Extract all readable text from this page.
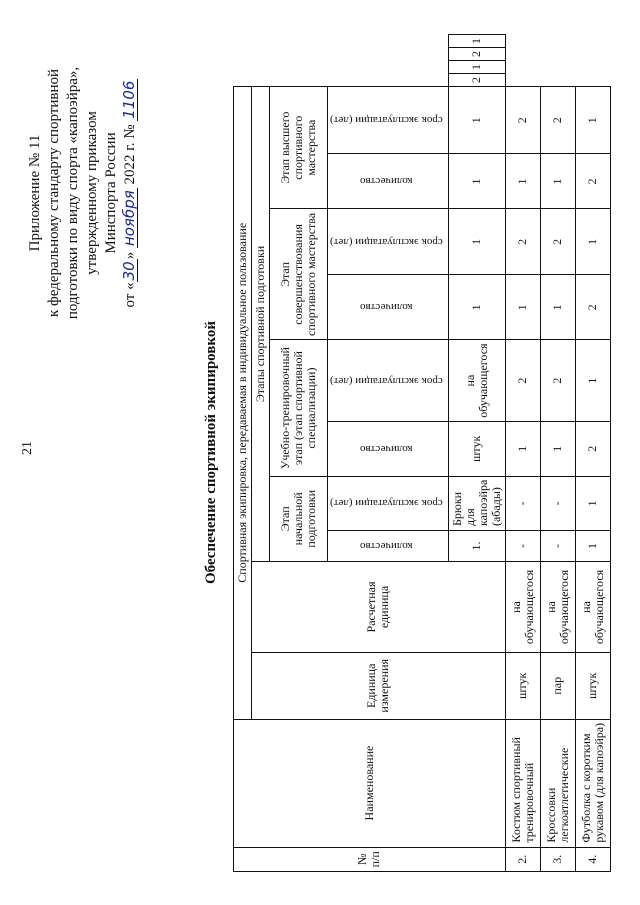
21
Приложение № 11 к федеральному стандарту спортивной подготовки по виду спорта «капоэйра», утвержденному приказом Минспорта России
от «30» ноября 2022 г. № 1106
Обеспечение спортивной экипировкой
№ п/п	Наименование	Спортивная экипировка, передаваемая в индивидуальное пользование													
		Единица измерения	Расчетная единица	Этапы спортивной подготовки											
				Этап начальной подготовки		Учебно-тренировочный этап (этап спортивной специализации)		Этап совершенствования спортивного мастерства		Этап высшего спортивного мастерства					
				количество	срок эксплуатации (лет)	количество	срок эксплуатации (лет)	количество	срок эксплуатации (лет)	количество	срок эксплуатации (лет)				
				1.	Брюки для капоэйра (абады)	штук	на обучающегося	1	1	1	1	2	1	2	1
2.	Костюм спортивный тренировочный	штук	на обучающегося	-	-	1	2	1	2	1	2				
3.	Кроссовки легкоатлетические	пар	на обучающегося	-	-	1	2	1	2	1	2				
4.	Футболка с коротким рукавом (для капоэйра)	штук	на обучающегося	1	1	2	1	2	1	2	1				
